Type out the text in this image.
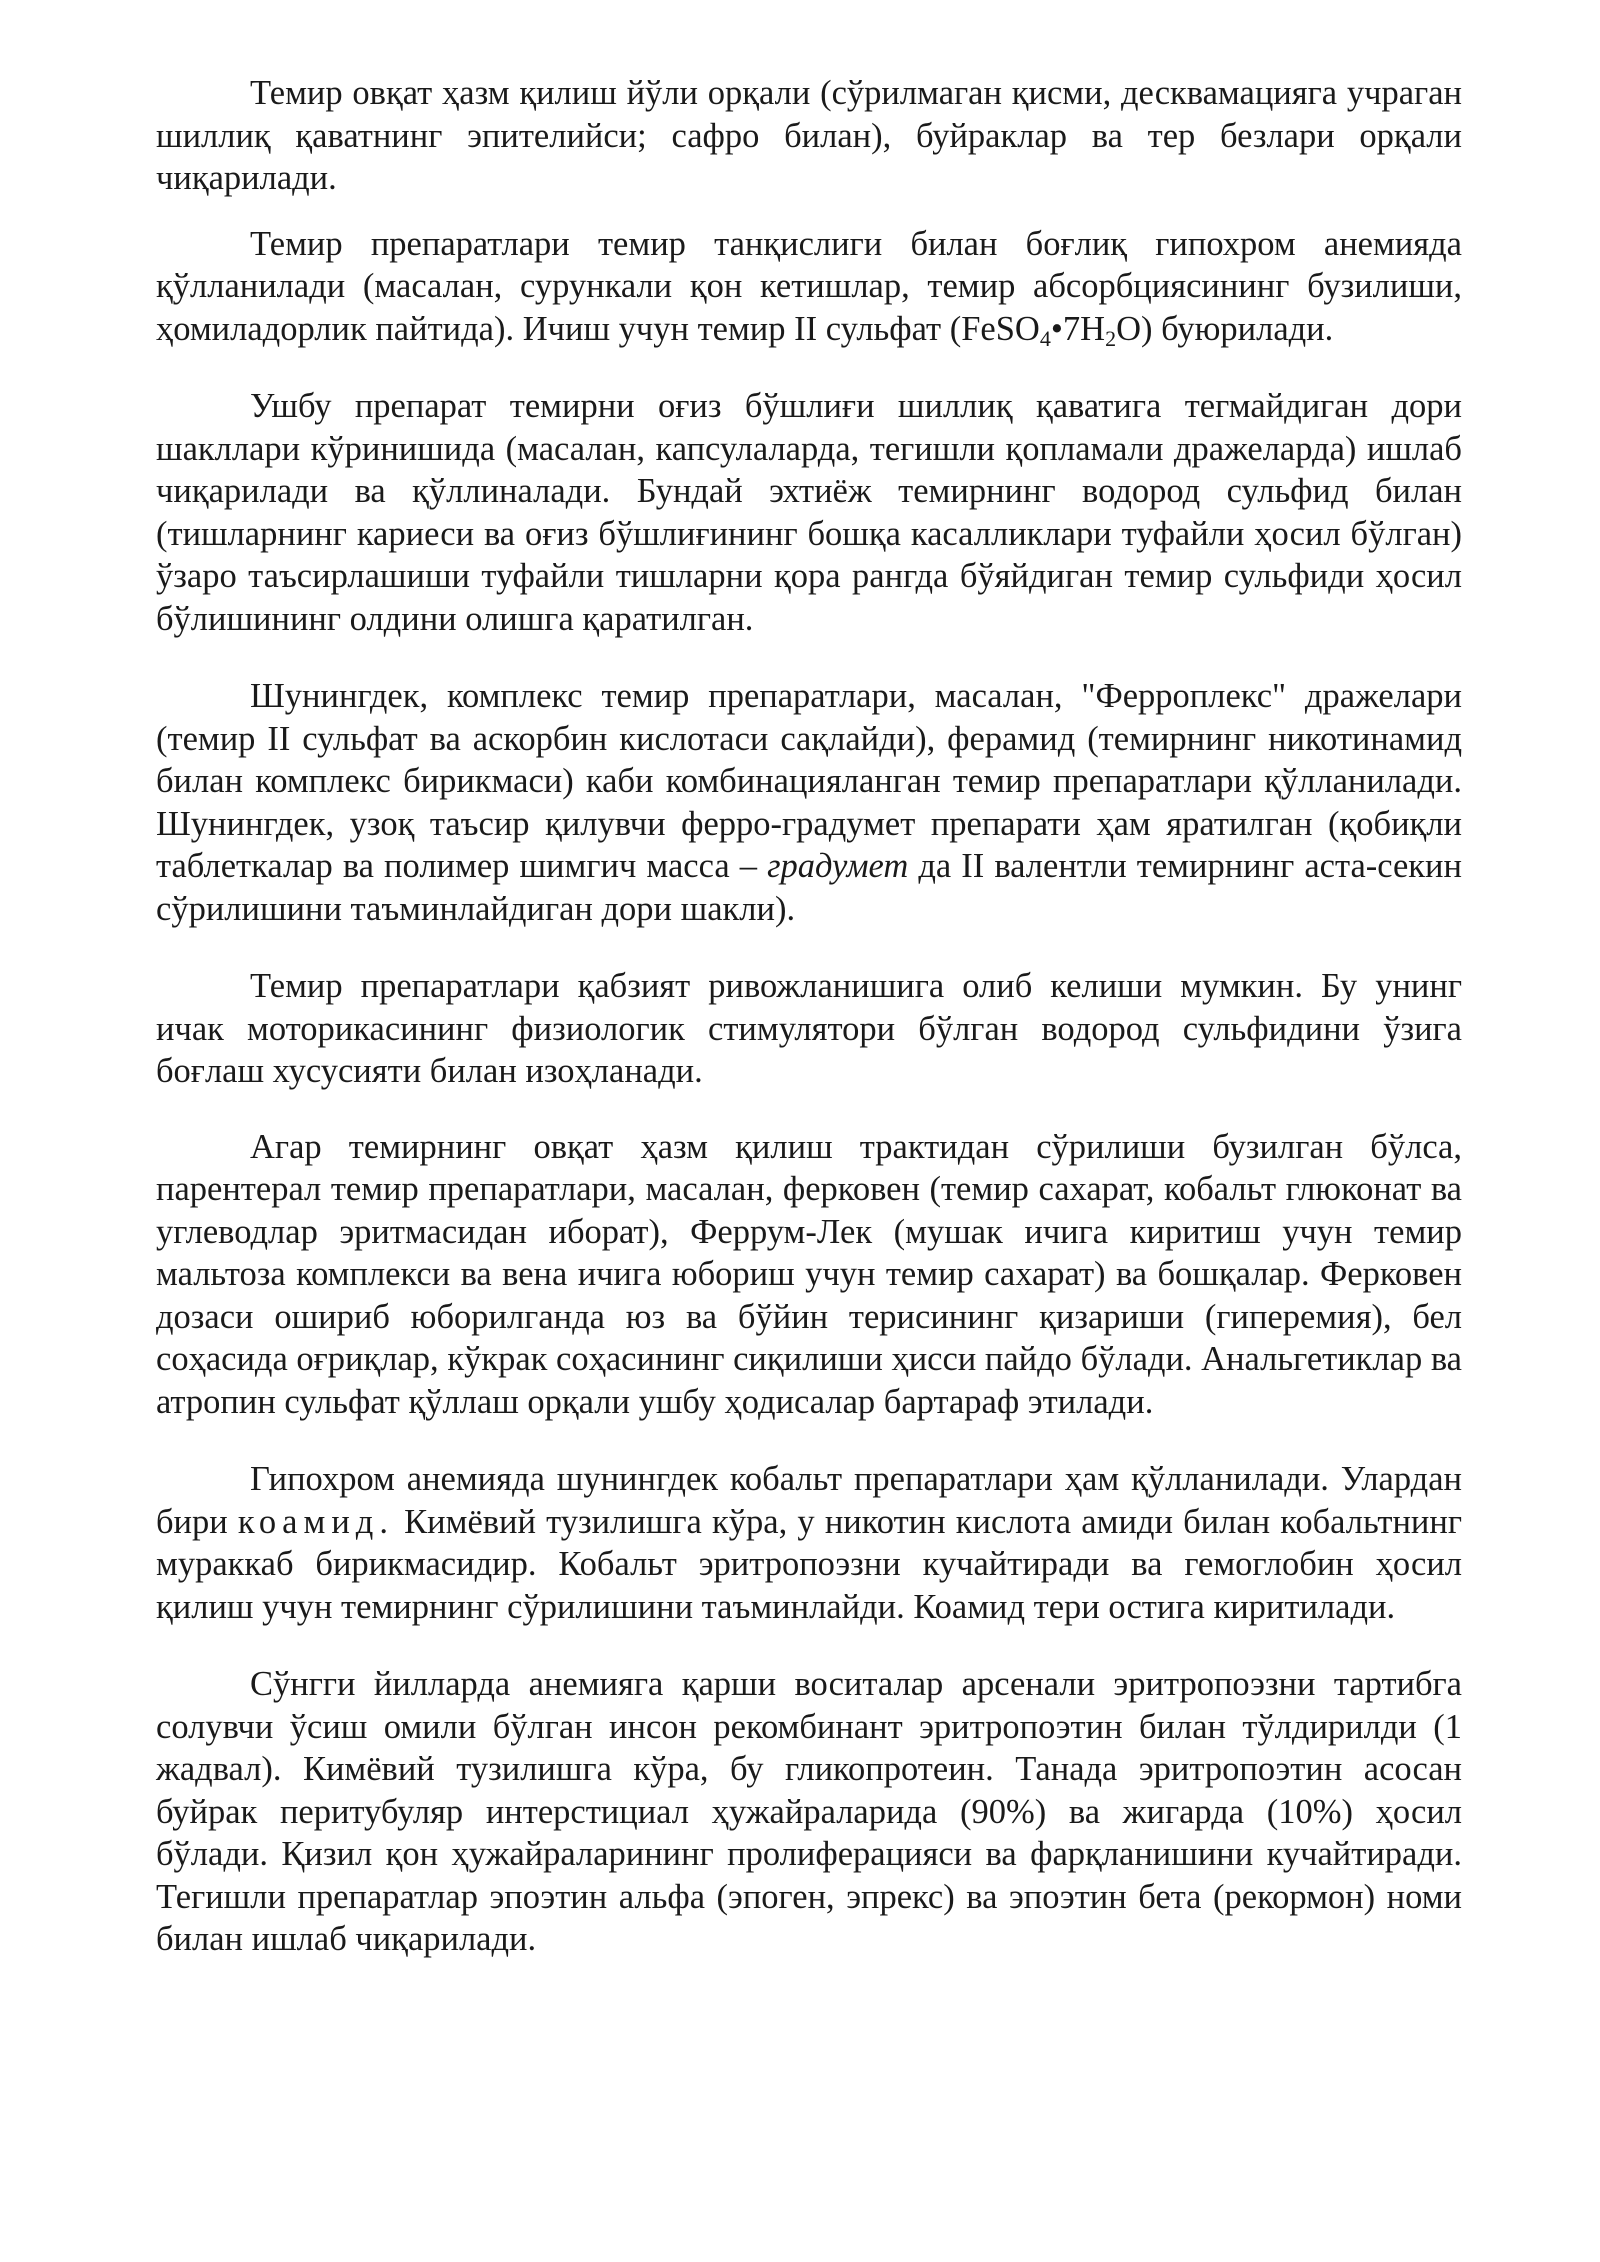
Темир овқат ҳазм қилиш йўли орқали (сўрилмаган қисми, десквамацияга учраган шиллиқ қаватнинг эпителийси; сафро билан), буйраклар ва тер безлари орқали чиқарилади.

Темир препаратлари темир танқислиги билан боғлиқ гипохром анемияда қўлланилади (масалан, сурункали қон кетишлар, темир абсорбциясининг бузилиши, ҳомиладорлик пайтида). Ичиш учун темир II сульфат $(FeSO_4•7H_2O)$ буюрилади.

Ушбу препарат темирни оғиз бўшлиғи шиллиқ қаватига тегмайдиган дори шакллари кўринишида (масалан, капсулаларда, тегишли қопламали дражеларда) ишлаб чиқарилади ва қўллиналади. Бундай эхтиёж темирнинг водород сульфид билан (тишларнинг кариеси ва оғиз бўшлиғининг бошқа касалликлари туфайли ҳосил бўлган) ўзаро таъсирлашиши туфайли тишларни қора рангда бўяйдиган темир сульфиди ҳосил бўлишининг олдини олишга қаратилган.

Шунингдек, комплекс темир препаратлари, масалан, "Ферроплекс" дражелари (темир II сульфат ва аскорбин кислотаси сақлайди), ферамид (темирнинг никотинамид билан комплекс бирикмаси) каби комбинацияланган темир препаратлари қўлланилади. Шунингдек, узоқ таъсир қилувчи ферро-градумет препарати ҳам яратилган (қобиқли таблеткалар ва полимер шимгич масса – градумет да II валентли темирнинг аста-секин сўрилишини таъминлайдиган дори шакли).

Темир препаратлари қабзият ривожланишига олиб келиши мумкин. Бу унинг ичак моторикасининг физиологик стимулятори бўлган водород сульфидини ўзига боғлаш хусусияти билан изоҳланади.

Агар темирнинг овқат ҳазм қилиш трактидан сўрилиши бузилган бўлса, парентерал темир препаратлари, масалан, ферковен (темир сахарат, кобальт глюконат ва углеводлар эритмасидан иборат), Феррум-Лек (мушак ичига киритиш учун темир мальтоза комплекси ва вена ичига юбориш учун темир сахарат) ва бошқалар. Ферковен дозаси ошириб юборилганда юз ва бўйин терисининг қизариши (гиперемия), бел соҳасида оғриқлар, кўкрак соҳасининг сиқилиши ҳисси пайдо бўлади. Анальгетиклар ва атропин сульфат қўллаш орқали ушбу ҳодисалар бартараф этилади.

Гипохром анемияда шунингдек кобальт препаратлари ҳам қўлланилади. Улардан бири коамид. Кимёвий тузилишга кўра, у никотин кислота амиди билан кобальтнинг мураккаб бирикмасидир. Кобальт эритропоэзни кучайтиради ва гемоглобин ҳосил қилиш учун темирнинг сўрилишини таъминлайди. Коамид тери остига киритилади.

Сўнгги йилларда анемияга қарши воситалар арсенали эритропоэзни тартибга солувчи ўсиш омили бўлган инсон рекомбинант эритропоэтин билан тўлдирилди (1 жадвал). Кимёвий тузилишга кўра, бу гликопротеин. Танада эритропоэтин асосан буйрак перитубуляр интерстициал ҳужайраларида (90%) ва жигарда (10%) ҳосил бўлади. Қизил қон ҳужайраларининг пролиферацияси ва фарқланишини кучайтиради. Тегишли препаратлар эпоэтин альфа (эпоген, эпрекс) ва эпоэтин бета (рекормон) номи билан ишлаб чиқарилади.
